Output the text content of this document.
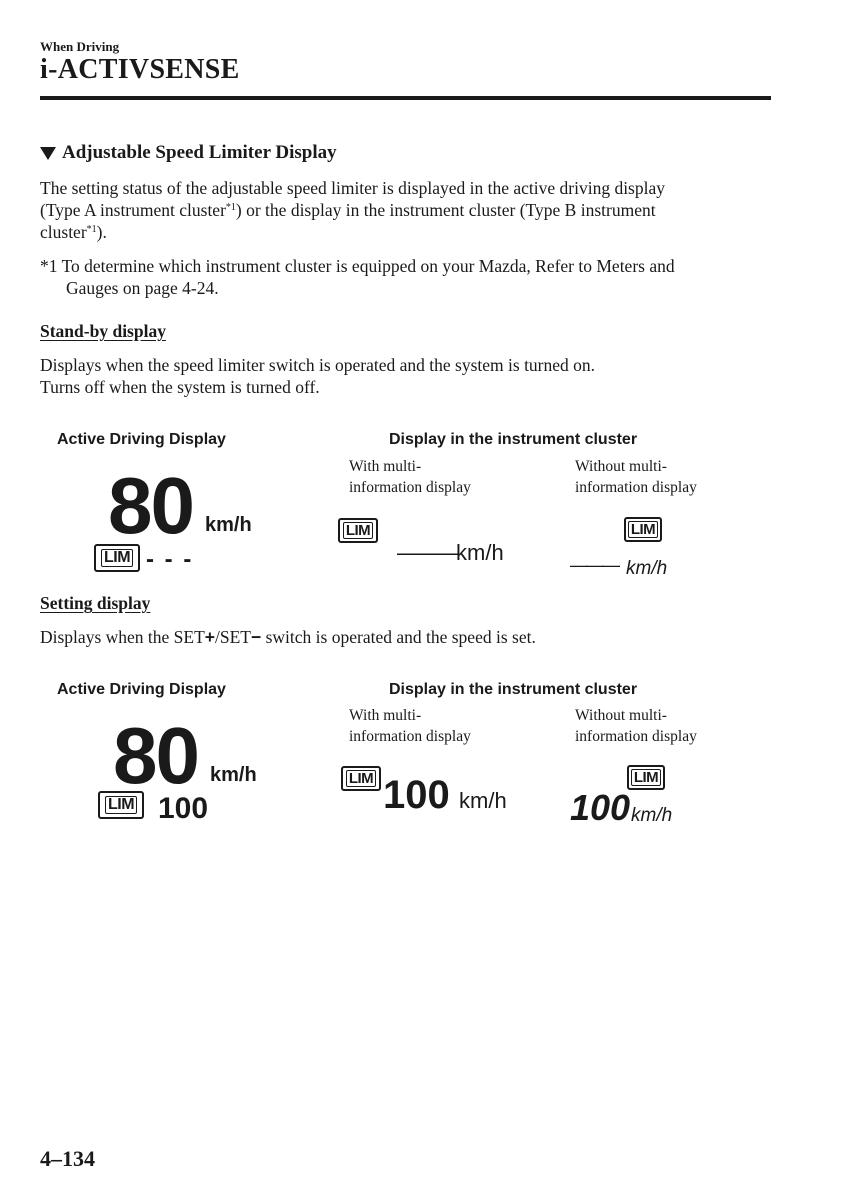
When Driving
i-ACTIVSENSE
Adjustable Speed Limiter Display
The setting status of the adjustable speed limiter is displayed in the active driving display
(Type A instrument cluster$^{*1}$) or the display in the instrument cluster (Type B instrument
cluster$^{*1}$).
*1 To determine which instrument cluster is equipped on your Mazda, Refer to Meters and
Gauges on page 4-24.
Stand-by display
Displays when the speed limiter switch is operated and the system is turned on.
Turns off when the system is turned off.
Active Driving Display	Display in the instrument cluster
With multi-
information display
Without multi-
information display
80 km/h
LIM - - -
LIM
——— km/h
LIM
——— km/h
Setting display
Displays when the SET+/SET− switch is operated and the speed is set.
Active Driving Display	Display in the instrument cluster
With multi-
information display
Without multi-
information display
80 km/h
LIM 100
LIM 100 km/h
LIM
100 km/h
4–134
